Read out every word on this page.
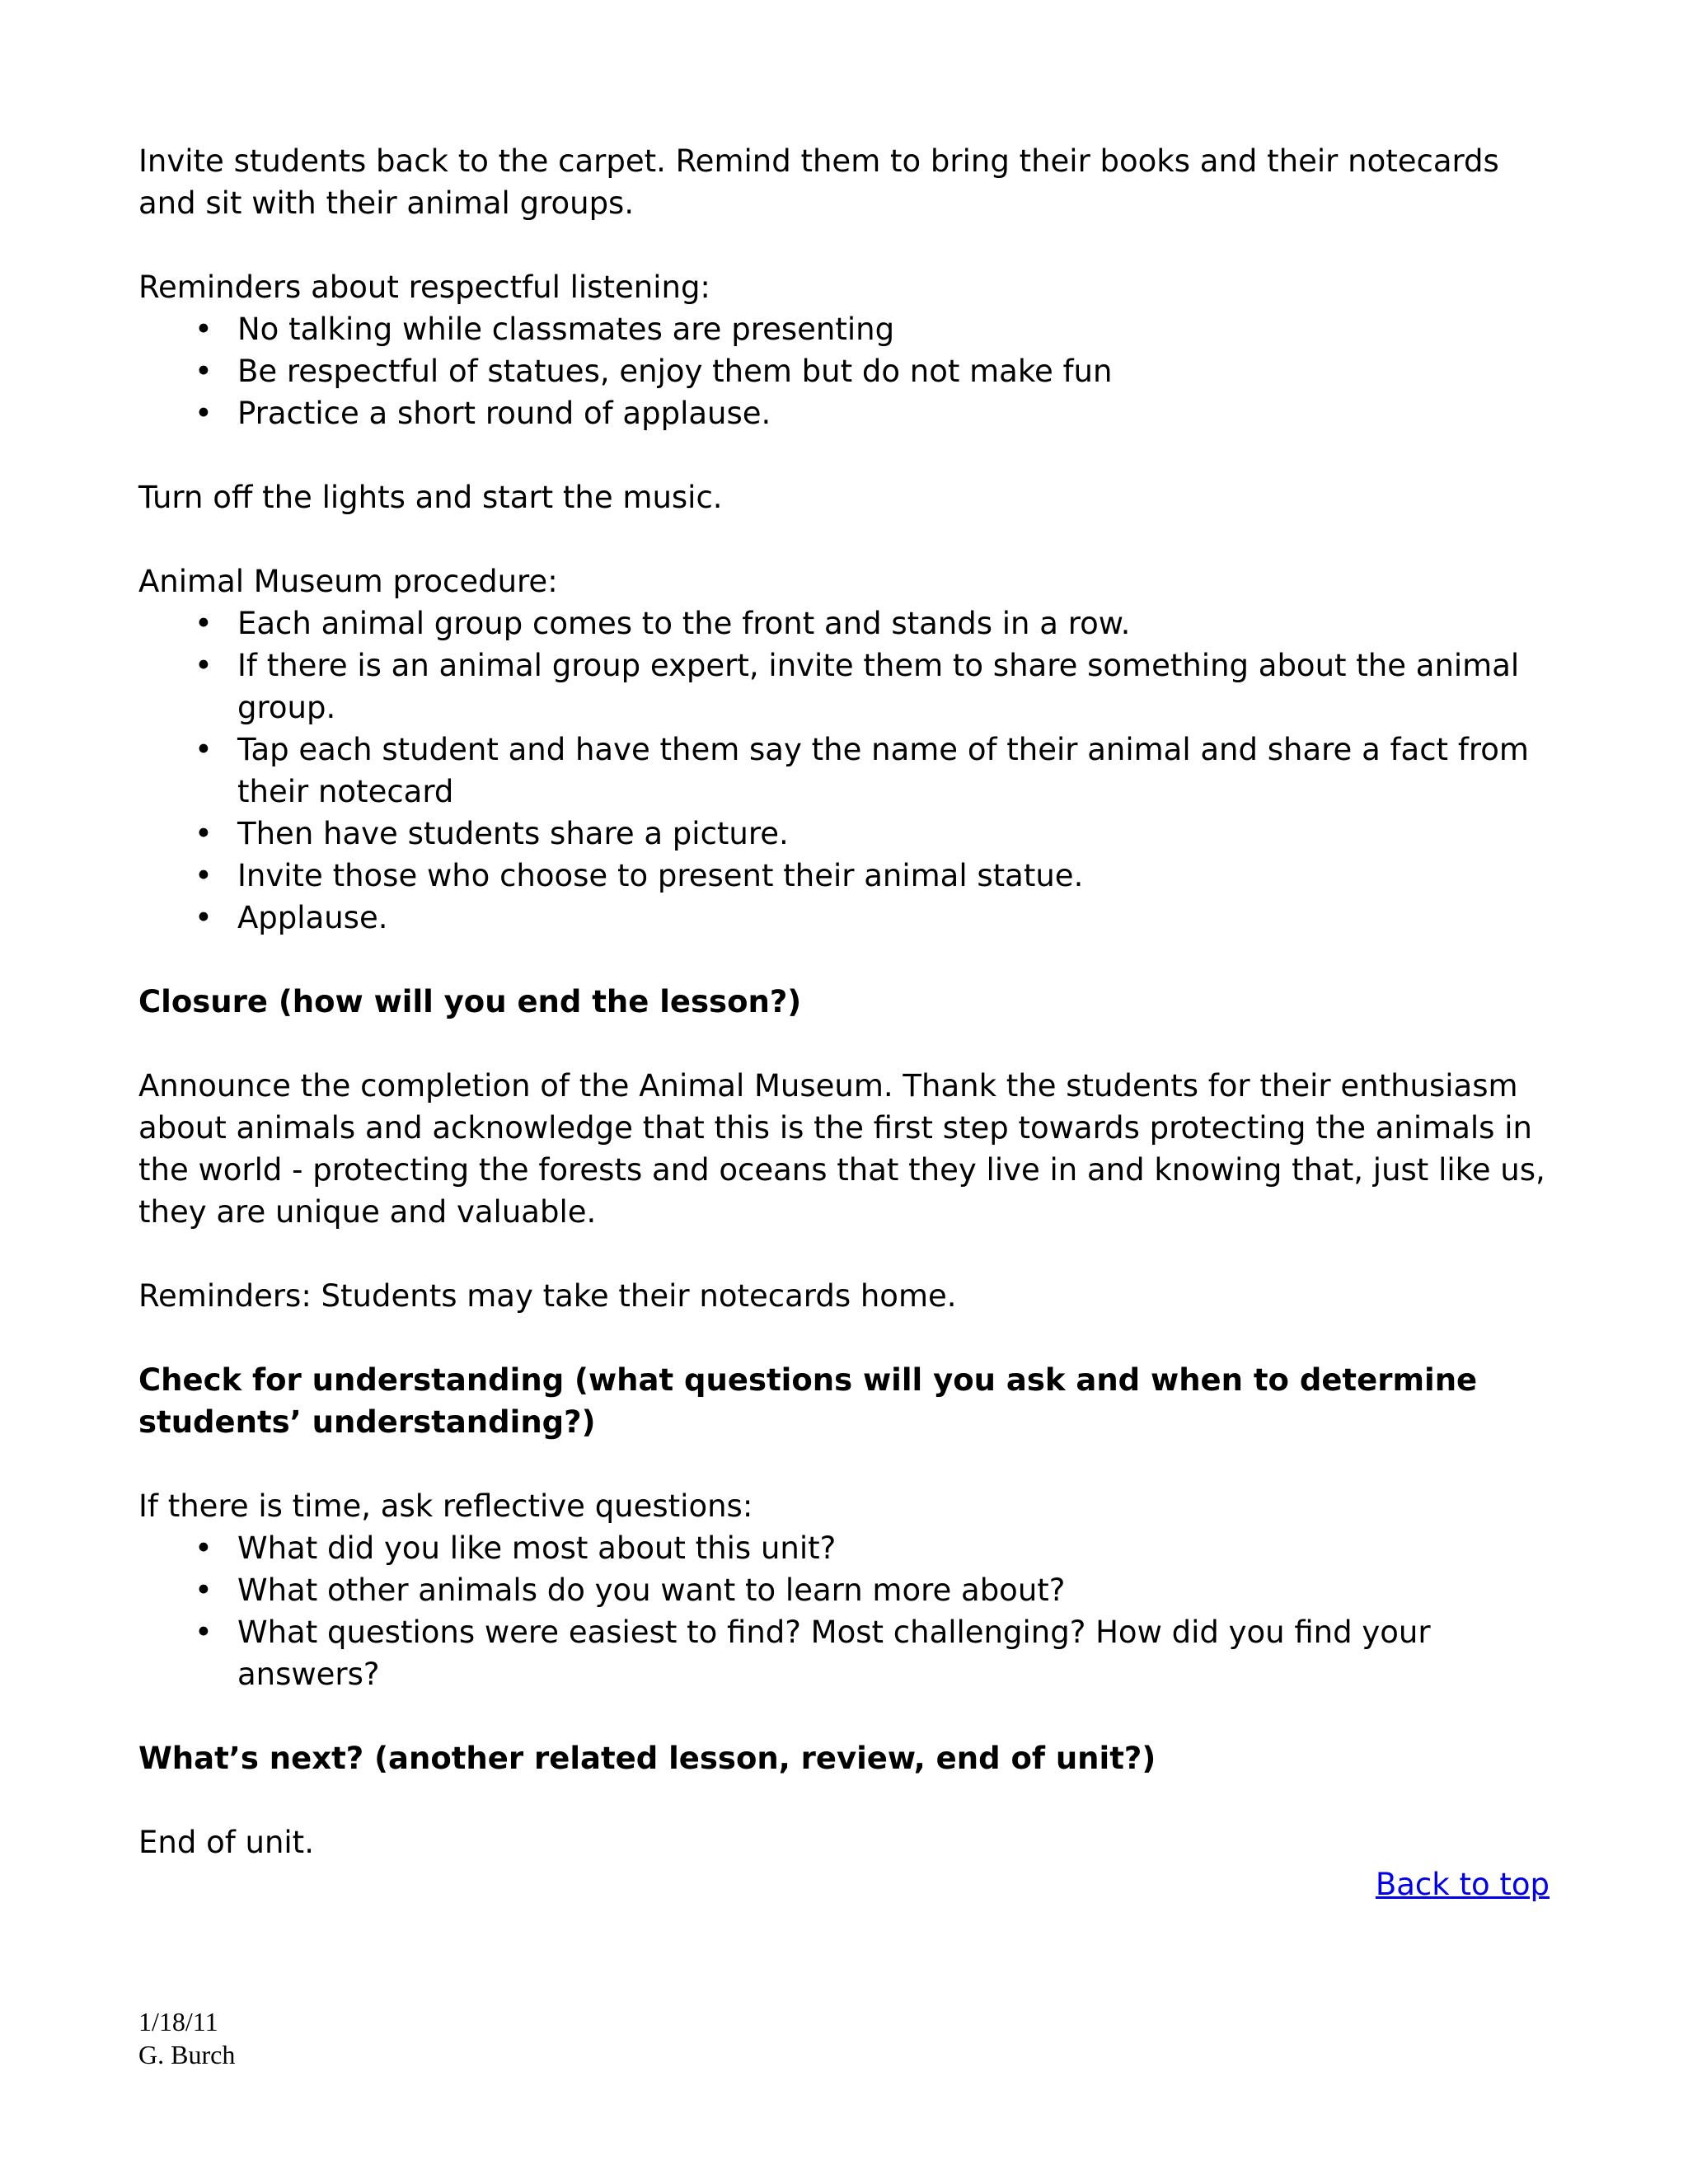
Invite students back to the carpet. Remind them to bring their books and their notecards and sit with their animal groups.

Reminders about respectful listening:

• No talking while classmates are presenting
• Be respectful of statues, enjoy them but do not make fun
• Practice a short round of applause.

Turn off the lights and start the music.

Animal Museum procedure:

• Each animal group comes to the front and stands in a row.
• If there is an animal group expert, invite them to share something about the animal group.
• Tap each student and have them say the name of their animal and share a fact from their notecard
• Then have students share a picture.
• Invite those who choose to present their animal statue.
• Applause.

Closure (how will you end the lesson?)

Announce the completion of the Animal Museum. Thank the students for their enthusiasm about animals and acknowledge that this is the first step towards protecting the animals in the world - protecting the forests and oceans that they live in and knowing that, just like us, they are unique and valuable.

Reminders: Students may take their notecards home.

Check for understanding (what questions will you ask and when to determine students’ understanding?)

If there is time, ask reflective questions:

• What did you like most about this unit?
• What other animals do you want to learn more about?
• What questions were easiest to find? Most challenging? How did you find your answers?

What’s next? (another related lesson, review, end of unit?)

End of unit.

Back to top

1/18/11
G. Burch
